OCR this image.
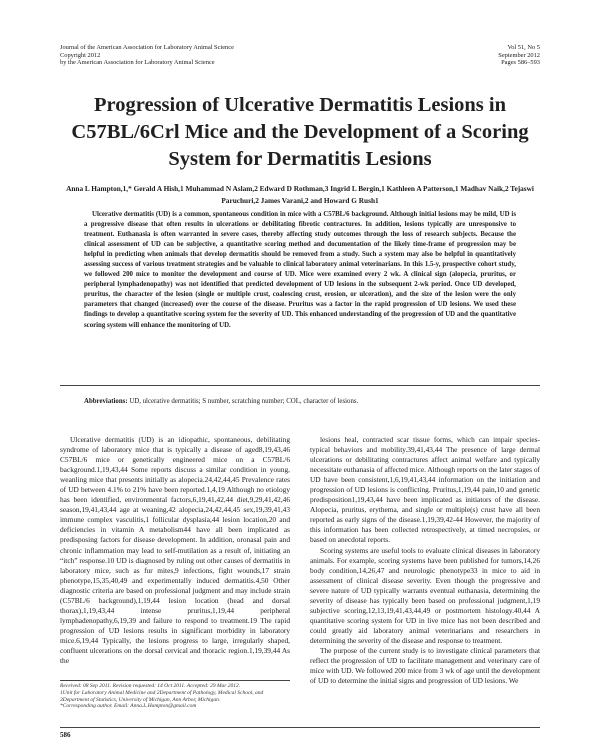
Journal of the American Association for Laboratory Animal Science
Copyright 2012
by the American Association for Laboratory Animal Science
Vol 51, No 5
September 2012
Pages 586–593
Progression of Ulcerative Dermatitis Lesions in C57BL/6Crl Mice and the Development of a Scoring System for Dermatitis Lesions
Anna L Hampton,1,* Gerald A Hish,1 Muhammad N Aslam,2 Edward D Rothman,3 Ingrid L Bergin,1 Kathleen A Patterson,1 Madhav Naik,2 Tejaswi Paruchuri,2 James Varani,2 and Howard G Rush1

Ulcerative dermatitis (UD) is a common, spontaneous condition in mice with a C57BL/6 background. Although initial lesions may be mild, UD is a progressive disease that often results in ulcerations or debilitating fibrotic contractures. In addition, lesions typically are unresponsive to treatment. Euthanasia is often warranted in severe cases, thereby affecting study outcomes through the loss of research subjects. Because the clinical assessment of UD can be subjective, a quantitative scoring method and documentation of the likely time-frame of progression may be helpful in predicting when animals that develop dermatitis should be removed from a study. Such a system may also be helpful in quantitatively assessing success of various treatment strategies and be valuable to clinical laboratory animal veterinarians. In this 1.5-y, prospective cohort study, we followed 200 mice to monitor the development and course of UD. Mice were examined every 2 wk. A clinical sign (alopecia, pruritus, or peripheral lymphadenopathy) was not identified that predicted development of UD lesions in the subsequent 2-wk period. Once UD developed, pruritus, the character of the lesion (single or multiple crust, coalescing crust, erosion, or ulceration), and the size of the lesion were the only parameters that changed (increased) over the course of the disease. Pruritus was a factor in the rapid progression of UD lesions. We used these findings to develop a quantitative scoring system for the severity of UD. This enhanced understanding of the progression of UD and the quantitative scoring system will enhance the monitoring of UD.

Abbreviations: UD, ulcerative dermatitis; S number, scratching number; COL, character of lesions.

Ulcerative dermatitis (UD) is an idiopathic, spontaneous, debilitating syndrome of laboratory mice that is typically a disease of aged8,19,43,46 C57BL/6 mice or genetically engineered mice on a C57BL/6 background.1,19,43,44 Some reports discuss a similar condition in young, weanling mice that presents initially as alopecia.24,42,44,45 Prevalence rates of UD between 4.1% to 21% have been reported.1,4,19 Although no etiology has been identified, environmental factors,6,19,41,42,44 diet,9,29,41,42,46 season,19,41,43,44 age at weaning,42 alopecia,24,42,44,45 sex,19,39,41,43 immune complex vasculitis,1 follicular dysplasia,44 lesion location,20 and deficiencies in vitamin A metabolism44 have all been implicated as predisposing factors for disease development. In addition, oronasal pain and chronic inflammation may lead to self-mutilation as a result of, initiating an “itch” response.10 UD is diagnosed by ruling out other causes of dermatitis in laboratory mice, such as fur mites,9 infections, fight wounds,17 strain phenotype,15,35,40,49 and experimentally induced dermatitis.4,50 Other diagnostic criteria are based on professional judgment and may include strain (C57BL/6 background),1,19,44 lesion location (head and dorsal thorax),1,19,43,44 intense pruritus,1,19,44 peripheral lymphadenopathy,6,19,39 and failure to respond to treatment.19 The rapid progression of UD lesions results in significant morbidity in laboratory mice.6,19,44 Typically, the lesions progress to large, irregularly shaped, confluent ulcerations on the dorsal cervical and thoracic region.1,19,39,44 As the

lesions heal, contracted scar tissue forms, which can impair species-typical behaviors and mobility.39,41,43,44 The presence of large dermal ulcerations or debilitating contractures affect animal welfare and typically necessitate euthanasia of affected mice. Although reports on the later stages of UD have been consistent,1,6,19,41,43,44 information on the initiation and progression of UD lesions is conflicting. Pruritus,1,19,44 pain,10 and genetic predisposition1,19,43,44 have been implicated as initiators of the disease. Alopecia, pruritus, erythema, and single or multiple(s) crust have all been reported as early signs of the disease.1,19,39,42-44 However, the majority of this information has been collected retrospectively, at timed necropsies, or based on anecdotal reports.

Scoring systems are useful tools to evaluate clinical diseases in laboratory animals. For example, scoring systems have been published for tumors,14,26 body condition,14,26,47 and neurologic phenotype33 in mice to aid in assessment of clinical disease severity. Even though the progressive and severe nature of UD typically warrants eventual euthanasia, determining the severity of disease has typically been based on professional judgment,1,19 subjective scoring,12,13,19,41,43,44,49 or postmortem histology.40,44 A quantitative scoring system for UD in live mice has not been described and could greatly aid laboratory animal veterinarians and researchers in determining the severity of the disease and response to treatment.

The purpose of the current study is to investigate clinical parameters that reflect the progression of UD to facilitate management and veterinary care of mice with UD. We followed 200 mice from 3 wk of age until the development of UD to determine the initial signs and progression of UD lesions. We

Received: 08 Sep 2011. Revision requested: 14 Oct 2011. Accepted: 29 Mar 2012.
1Unit for Laboratory Animal Medicine and 2Department of Pathology, Medical School, and 3Department of Statistics, University of Michigan, Ann Arbor, Michigan.
*Corresponding author. Email: Anna.L.Hampton@gmail.com
586
